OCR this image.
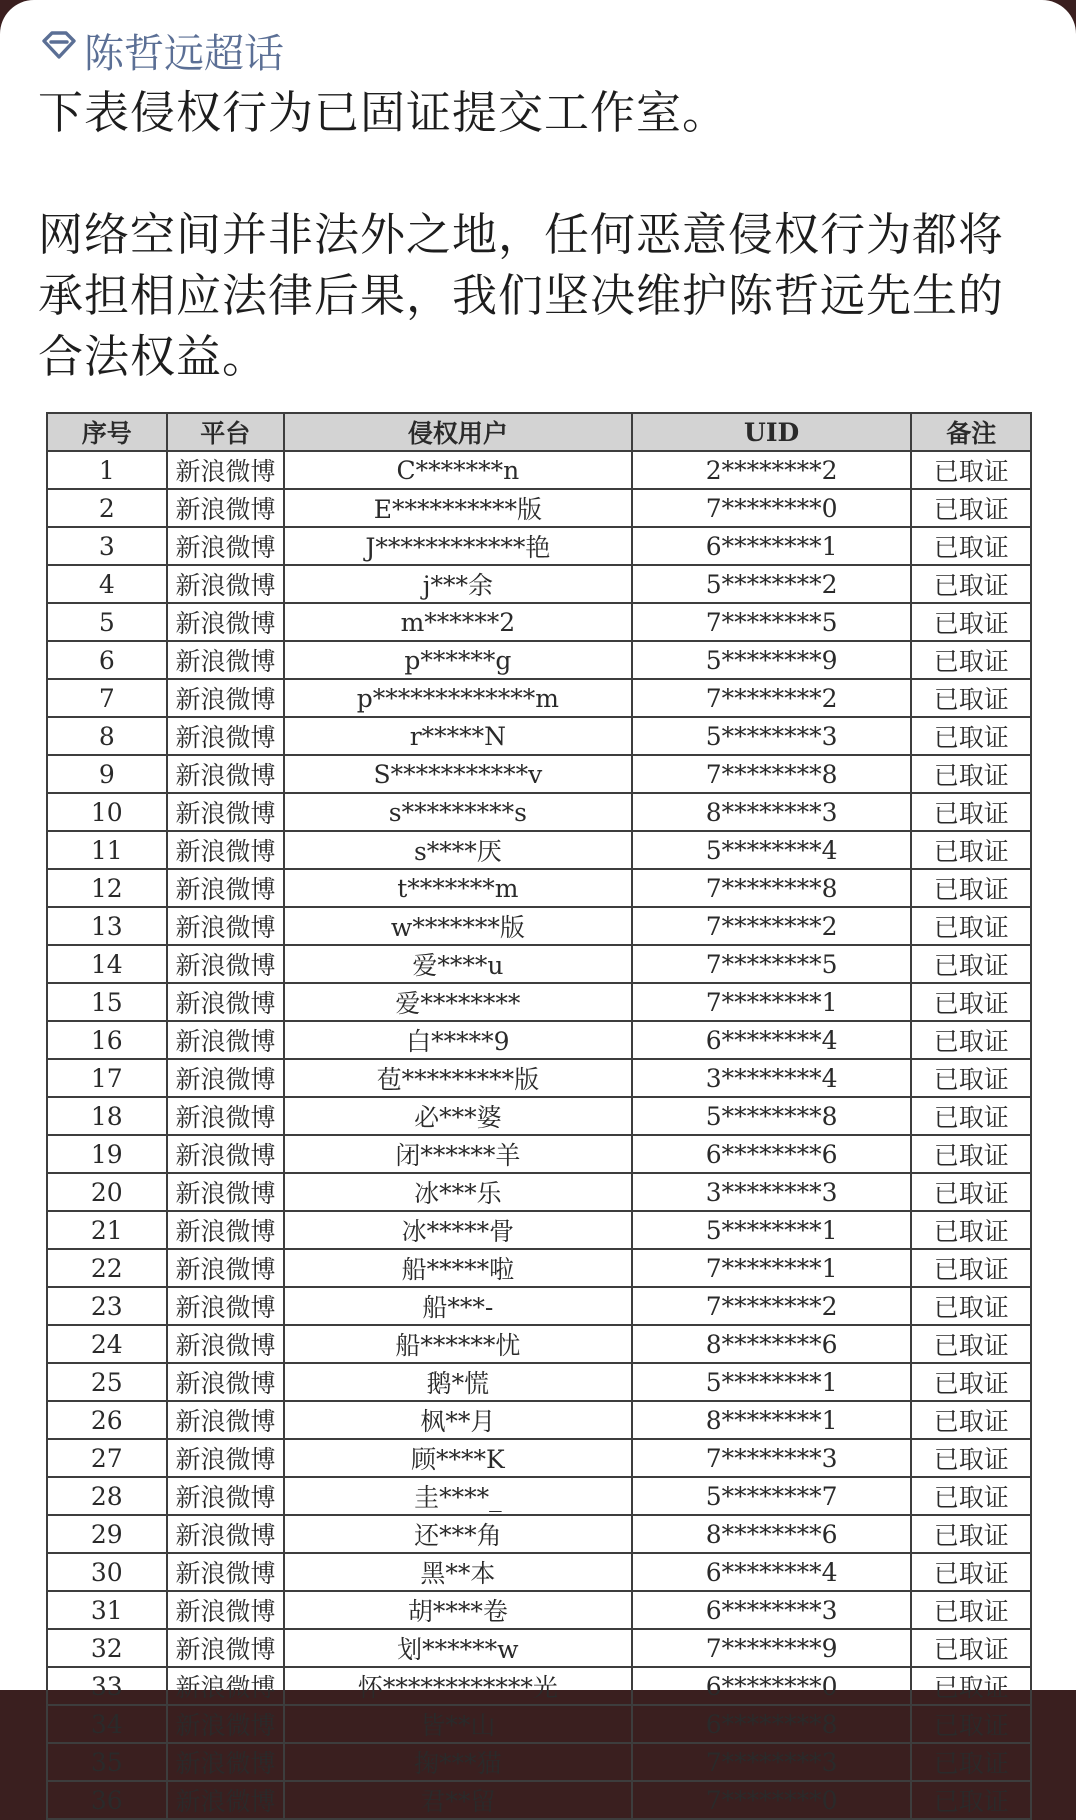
陈哲远超话

下表侵权行为已固证提交工作室。

网络空间并非法外之地，任何恶意侵权行为都将承担相应法律后果，我们坚决维护陈哲远先生的合法权益。

序号	平台	侵权用户	UID	备注
1	新浪微博	C*******n	2********2	已取证
2	新浪微博	E**********版	7********0	已取证
3	新浪微博	J************艳	6********1	已取证
4	新浪微博	j***余	5********2	已取证
5	新浪微博	m******2	7********5	已取证
6	新浪微博	p******g	5********9	已取证
7	新浪微博	p*************m	7********2	已取证
8	新浪微博	r*****N	5********3	已取证
9	新浪微博	S***********v	7********8	已取证
10	新浪微博	s*********s	8********3	已取证
11	新浪微博	s****厌	5********4	已取证
12	新浪微博	t*******m	7********8	已取证
13	新浪微博	w*******版	7********2	已取证
14	新浪微博	爱****u	7********5	已取证
15	新浪微博	爱********	7********1	已取证
16	新浪微博	白*****9	6********4	已取证
17	新浪微博	苞*********版	3********4	已取证
18	新浪微博	必***婆	5********8	已取证
19	新浪微博	闭******羊	6********6	已取证
20	新浪微博	冰***乐	3********3	已取证
21	新浪微博	冰*****骨	5********1	已取证
22	新浪微博	船*****啦	7********1	已取证
23	新浪微博	船***-	7********2	已取证
24	新浪微博	船******忧	8********6	已取证
25	新浪微博	鹅*慌	5********1	已取证
26	新浪微博	枫**月	8********1	已取证
27	新浪微博	顾****K	7********3	已取证
28	新浪微博	圭****_	5********7	已取证
29	新浪微博	还***角	8********6	已取证
30	新浪微博	黑**本	6********4	已取证
31	新浪微博	胡****卷	6********3	已取证
32	新浪微博	划******w	7********9	已取证
33	新浪微博	怀************光	6********0	已取证
34	新浪微博	皆**山	6********8	已取证
35	新浪微博	掬***猫	7********3	已取证
36	新浪微博	君**留	7********0	已取证
